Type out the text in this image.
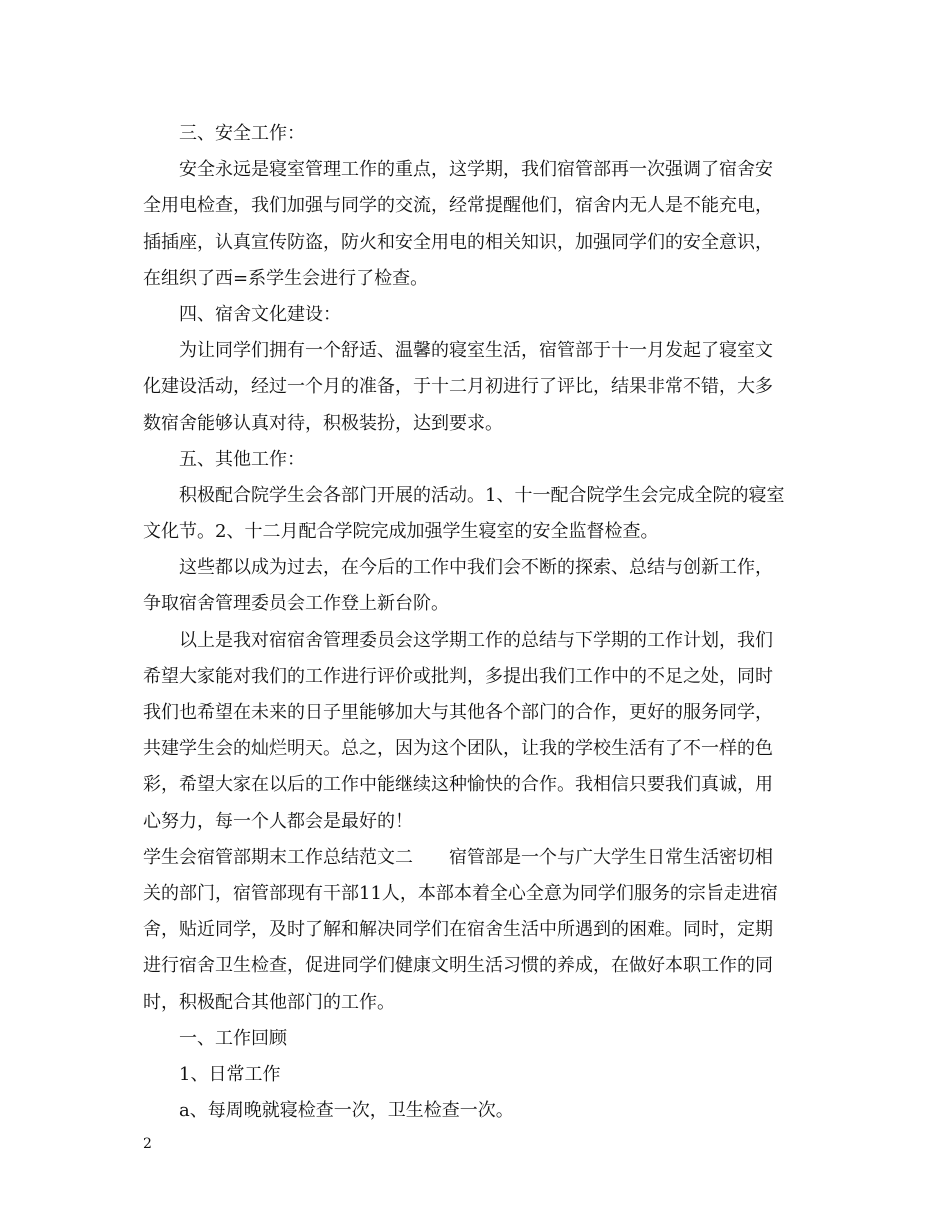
三、安全工作：
安全永远是寝室管理工作的重点，这学期，我们宿管部再一次强调了宿舍安
全用电检查，我们加强与同学的交流，经常提醒他们，宿舍内无人是不能充电，
插插座，认真宣传防盗，防火和安全用电的相关知识，加强同学们的安全意识，
在组织了西=系学生会进行了检查。
四、宿舍文化建设：
为让同学们拥有一个舒适、温馨的寝室生活，宿管部于十一月发起了寝室文
化建设活动，经过一个月的准备，于十二月初进行了评比，结果非常不错，大多
数宿舍能够认真对待，积极装扮，达到要求。
五、其他工作：
积极配合院学生会各部门开展的活动。1、十一配合院学生会完成全院的寝室
文化节。2、十二月配合学院完成加强学生寝室的安全监督检查。
这些都以成为过去，在今后的工作中我们会不断的探索、总结与创新工作，
争取宿舍管理委员会工作登上新台阶。
以上是我对宿宿舍管理委员会这学期工作的总结与下学期的工作计划，我们
希望大家能对我们的工作进行评价或批判，多提出我们工作中的不足之处，同时
我们也希望在未来的日子里能够加大与其他各个部门的合作，更好的服务同学，
共建学生会的灿烂明天。总之，因为这个团队，让我的学校生活有了不一样的色
彩，希望大家在以后的工作中能继续这种愉快的合作。我相信只要我们真诚，用
心努力，每一个人都会是最好的！
学生会宿管部期末工作总结范文二　　宿管部是一个与广大学生日常生活密切相
关的部门，宿管部现有干部11人，本部本着全心全意为同学们服务的宗旨走进宿
舍，贴近同学，及时了解和解决同学们在宿舍生活中所遇到的困难。同时，定期
进行宿舍卫生检查，促进同学们健康文明生活习惯的养成，在做好本职工作的同
时，积极配合其他部门的工作。
一、工作回顾
1、日常工作
a、每周晚就寝检查一次，卫生检查一次。
2
